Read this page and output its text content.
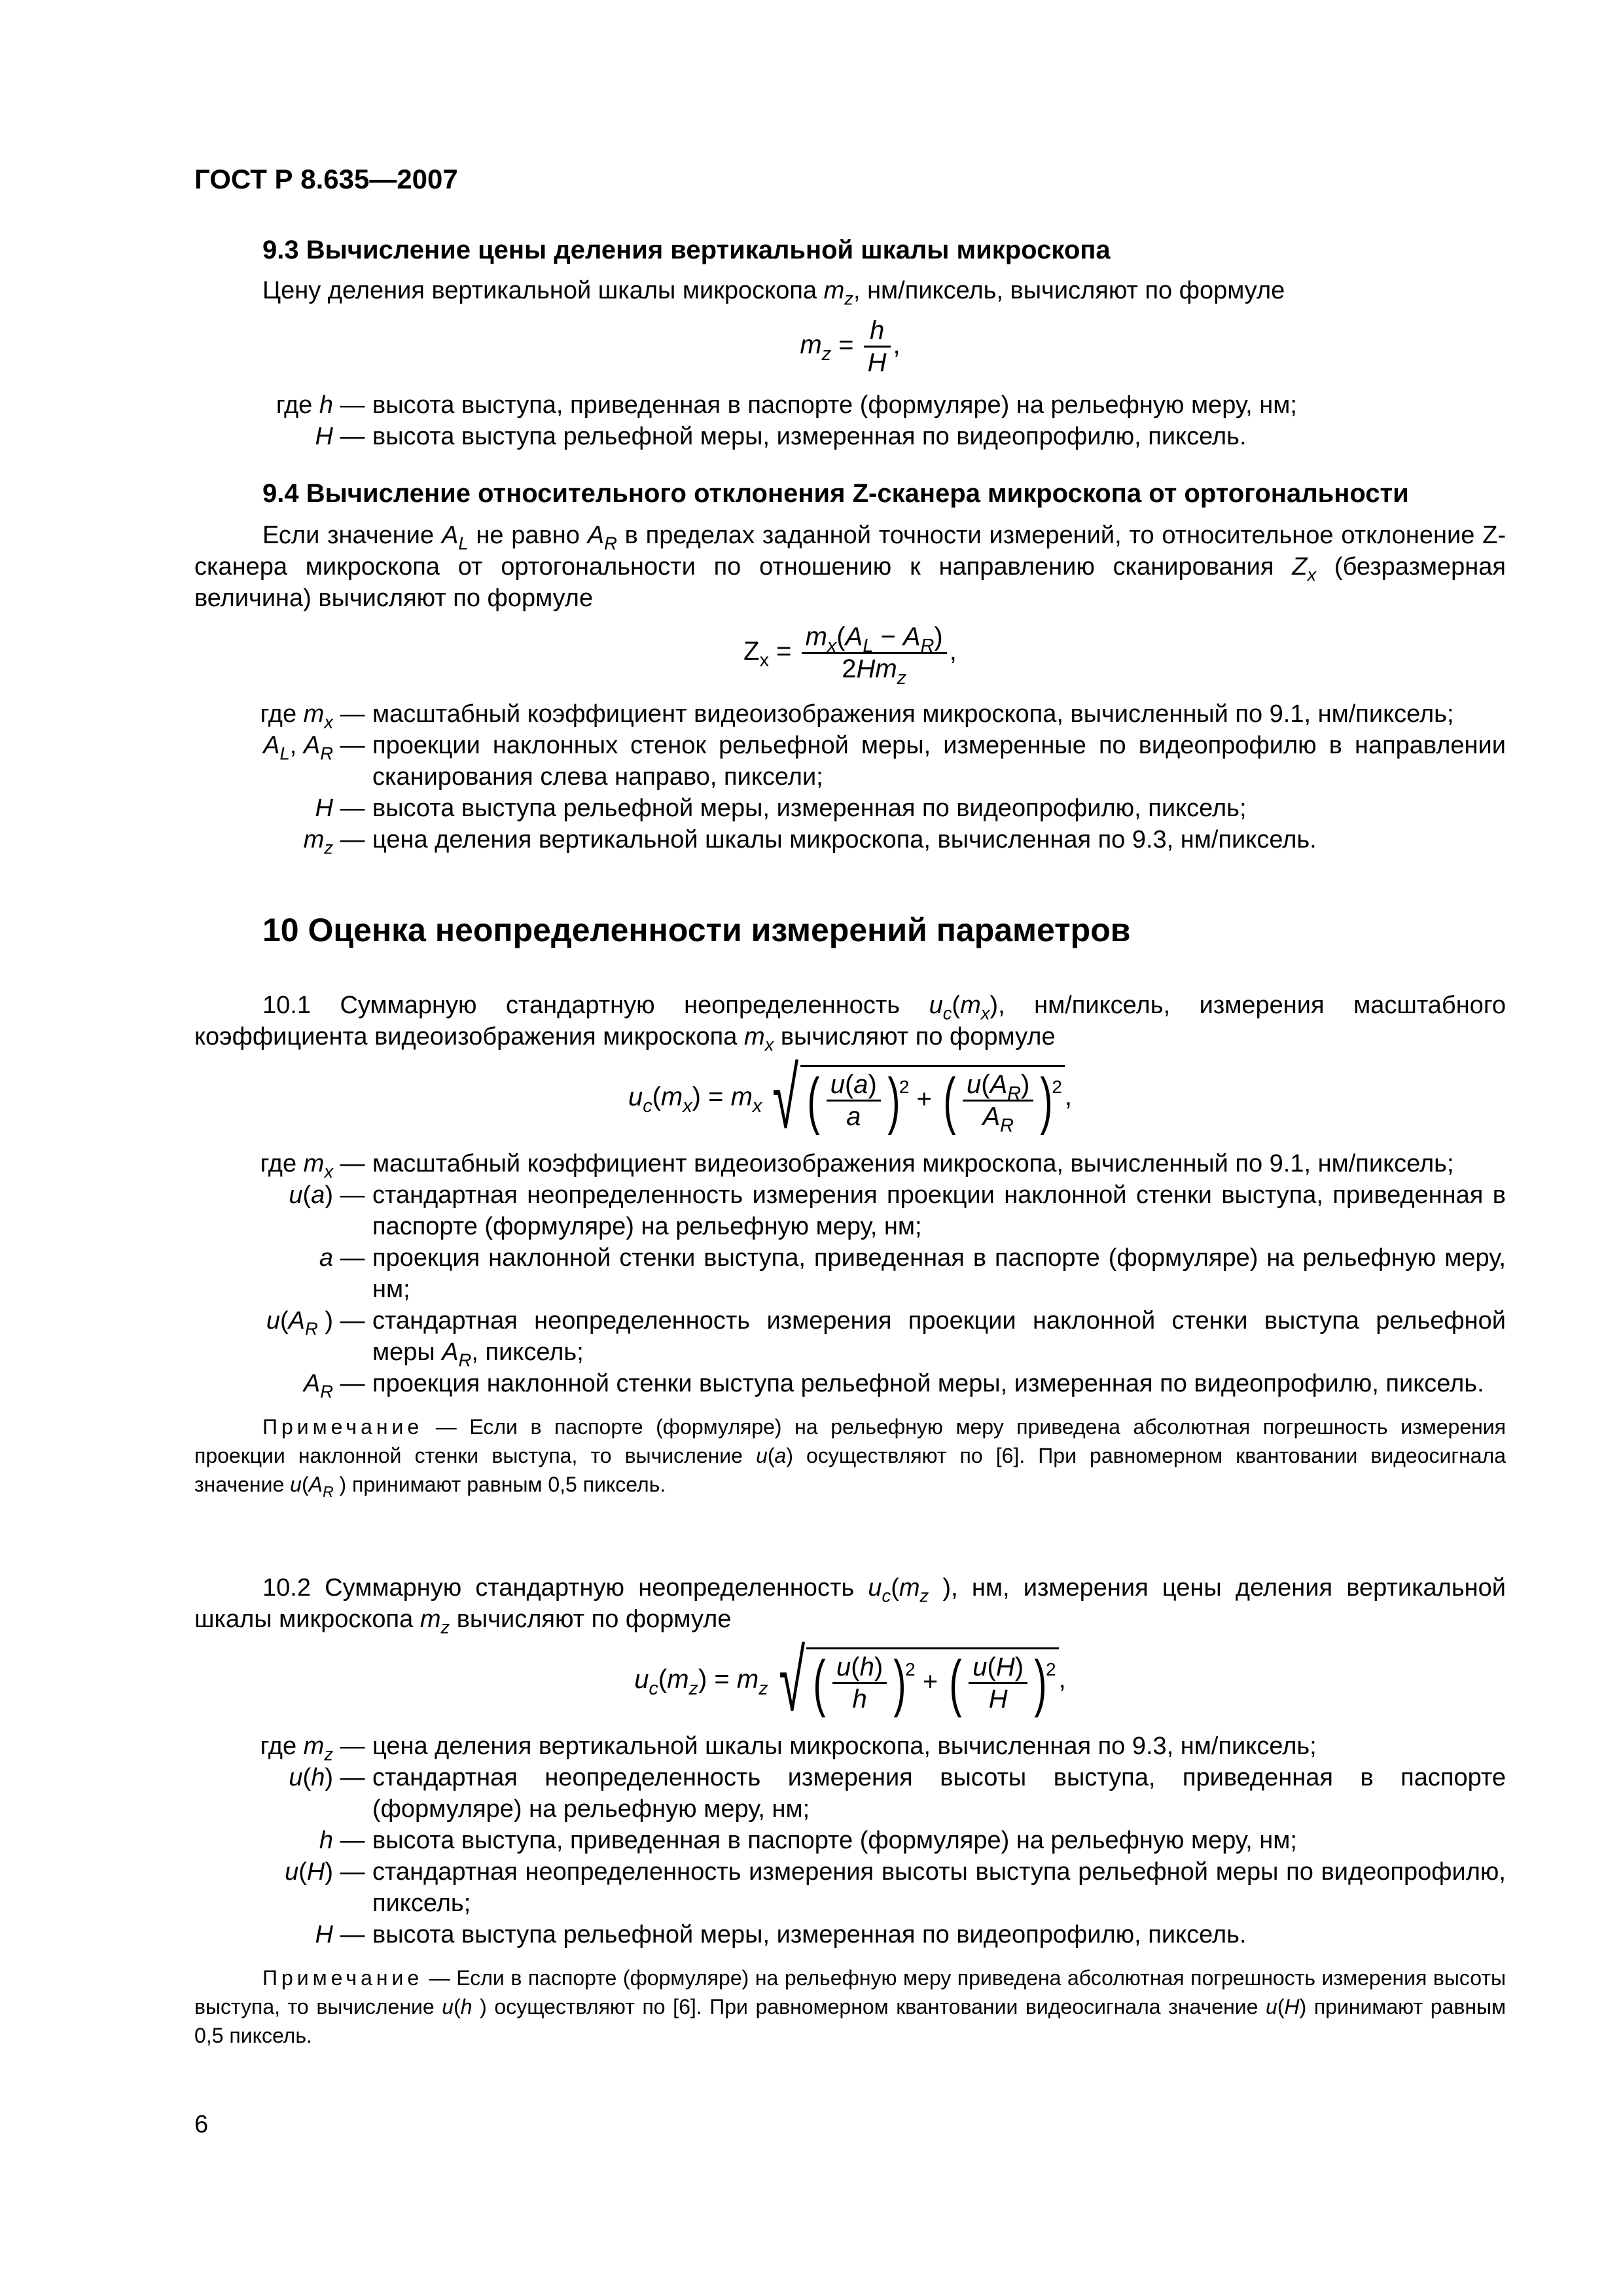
ГОСТ Р 8.635—2007
9.3 Вычисление цены деления вертикальной шкалы микроскопа
Цену деления вертикальной шкалы микроскопа $m_z$, нм/пиксель, вычисляют по формуле
$m_z = \frac{h}{H}$ ,
где h	—	высота выступа, приведенная в паспорте (формуляре) на рельефную меру, нм;
H	—	высота выступа рельефной меры, измеренная по видеопрофилю, пиксель.
9.4 Вычисление относительного отклонения Z-сканера микроскопа от ортогональности
Если значение $A_L$ не равно $A_R$ в пределах заданной точности измерений, то относительное отклонение Z-сканера микроскопа от ортогональности по отношению к направлению сканирования $Z_x$ (безразмерная величина) вычисляют по формуле
$Z_x = \frac{m_x(A_L - A_R)}{2Hm_z}$ ,
где $m_x$	—	масштабный коэффициент видеоизображения микроскопа, вычисленный по 9.1, нм/пиксель;
$A_L$, $A_R$	—	проекции наклонных стенок рельефной меры, измеренные по видеопрофилю в направлении сканирования слева направо, пиксели;
H	—	высота выступа рельефной меры, измеренная по видеопрофилю, пиксель;
$m_z$	—	цена деления вертикальной шкалы микроскопа, вычисленная по 9.3, нм/пиксель.
10 Оценка неопределенности измерений параметров
10.1 Суммарную стандартную неопределенность $u_c(m_x)$, нм/пиксель, измерения масштабного коэффициента видеоизображения микроскопа $m_x$ вычисляют по формуле
$u_c(m_x) = m_x$ √ ( $\frac{u(a)}{a} )2$ + ( $\frac{u(A_R)}{A_R} )2$ ,
где $m_x$	—	масштабный коэффициент видеоизображения микроскопа, вычисленный по 9.1, нм/пиксель;
u(a)	—	стандартная неопределенность измерения проекции наклонной стенки выступа, приведенная в паспорте (формуляре) на рельефную меру, нм;
a	—	проекция наклонной стенки выступа, приведенная в паспорте (формуляре) на рельефную меру, нм;
$u(A_R$ )	—	стандартная неопределенность измерения проекции наклонной стенки выступа рельефной меры $A_R$, пиксель;
$A_R$	—	проекция наклонной стенки выступа рельефной меры, измеренная по видеопрофилю, пиксель.
Примечание — Если в паспорте (формуляре) на рельефную меру приведена абсолютная погрешность измерения проекции наклонной стенки выступа, то вычисление u(a) осуществляют по [6]. При равномерном квантовании видеосигнала значение $u(A_R$ ) принимают равным 0,5 пиксель.
10.2 Суммарную стандартную неопределенность $u_c(m_z$ ), нм, измерения цены деления вертикальной шкалы микроскопа $m_z$ вычисляют по формуле
$u_c(m_z) = m_z$ √ ( $\frac{u(h)}{h} )2$ + ( $\frac{u(H)}{H} )2$ ,
где $m_z$	—	цена деления вертикальной шкалы микроскопа, вычисленная по 9.3, нм/пиксель;
u(h)	—	стандартная неопределенность измерения высоты выступа, приведенная в паспорте (формуляре) на рельефную меру, нм;
h	—	высота выступа, приведенная в паспорте (формуляре) на рельефную меру, нм;
u(H)	—	стандартная неопределенность измерения высоты выступа рельефной меры по видеопрофилю, пиксель;
H	—	высота выступа рельефной меры, измеренная по видеопрофилю, пиксель.
Примечание — Если в паспорте (формуляре) на рельефную меру приведена абсолютная погрешность измерения высоты выступа, то вычисление u(h ) осуществляют по [6]. При равномерном квантовании видеосигнала значение u(H) принимают равным 0,5 пиксель.
6
